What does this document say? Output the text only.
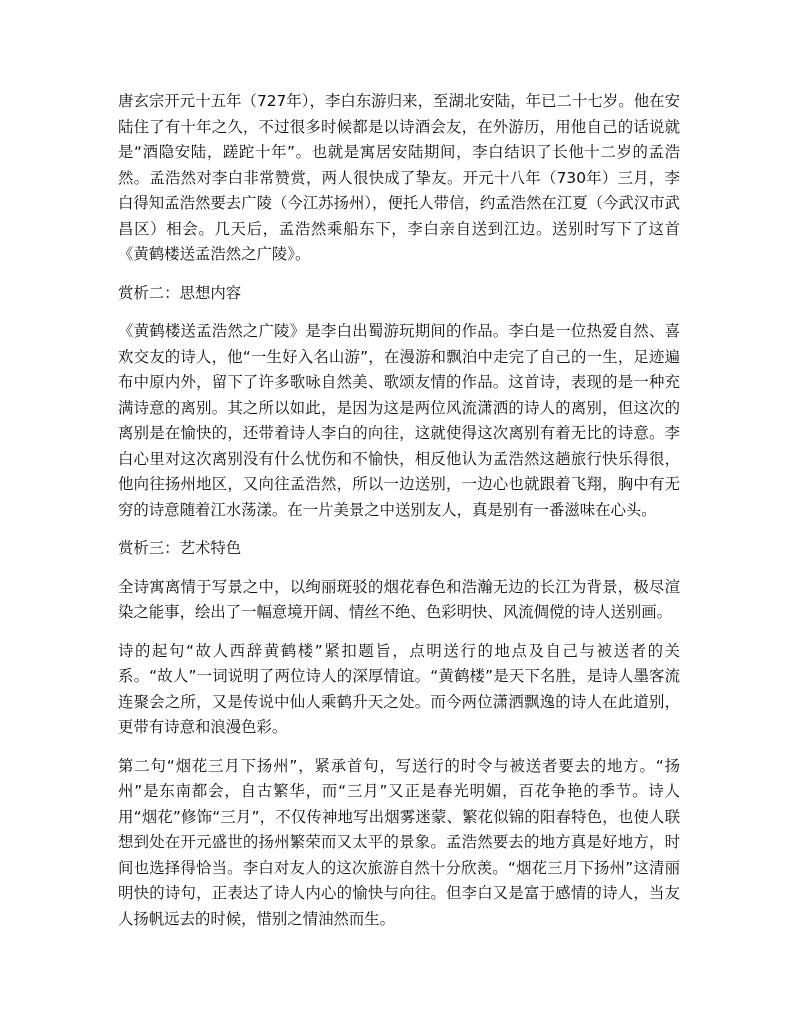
唐玄宗开元十五年（727年），李白东游归来，至湖北安陆，年已二十七岁。他在安陆住了有十年之久，不过很多时候都是以诗酒会友，在外游历，用他自己的话说就是“酒隐安陆，蹉跎十年”。也就是寓居安陆期间，李白结识了长他十二岁的孟浩然。孟浩然对李白非常赞赏，两人很快成了挚友。开元十八年（730年）三月，李白得知孟浩然要去广陵（今江苏扬州），便托人带信，约孟浩然在江夏（今武汉市武昌区）相会。几天后，孟浩然乘船东下，李白亲自送到江边。送别时写下了这首《黄鹤楼送孟浩然之广陵》。

赏析二：思想内容

《黄鹤楼送孟浩然之广陵》是李白出蜀游玩期间的作品。李白是一位热爱自然、喜欢交友的诗人，他“一生好入名山游”，在漫游和飘泊中走完了自己的一生，足迹遍布中原内外，留下了许多歌咏自然美、歌颂友情的作品。这首诗，表现的是一种充满诗意的离别。其之所以如此，是因为这是两位风流潇洒的诗人的离别，但这次的离别是在愉快的，还带着诗人李白的向往，这就使得这次离别有着无比的诗意。李白心里对这次离别没有什么忧伤和不愉快，相反他认为孟浩然这趟旅行快乐得很，他向往扬州地区，又向往孟浩然，所以一边送别，一边心也就跟着飞翔，胸中有无穷的诗意随着江水荡漾。在一片美景之中送别友人，真是别有一番滋味在心头。

赏析三：艺术特色

全诗寓离情于写景之中，以绚丽斑驳的烟花春色和浩瀚无边的长江为背景，极尽渲染之能事，绘出了一幅意境开阔、情丝不绝、色彩明快、风流倜傥的诗人送别画。

诗的起句“故人西辞黄鹤楼”紧扣题旨，点明送行的地点及自己与被送者的关系。“故人”一词说明了两位诗人的深厚情谊。“黄鹤楼”是天下名胜，是诗人墨客流连聚会之所，又是传说中仙人乘鹤升天之处。而今两位潇洒飘逸的诗人在此道别，更带有诗意和浪漫色彩。

第二句“烟花三月下扬州”，紧承首句，写送行的时令与被送者要去的地方。“扬州”是东南都会，自古繁华，而“三月”又正是春光明媚，百花争艳的季节。诗人用“烟花”修饰“三月”，不仅传神地写出烟雾迷蒙、繁花似锦的阳春特色，也使人联想到处在开元盛世的扬州繁荣而又太平的景象。孟浩然要去的地方真是好地方，时间也选择得恰当。李白对友人的这次旅游自然十分欣羡。“烟花三月下扬州”这清丽明快的诗句，正表达了诗人内心的愉快与向往。但李白又是富于感情的诗人，当友人扬帆远去的时候，惜别之情油然而生。
